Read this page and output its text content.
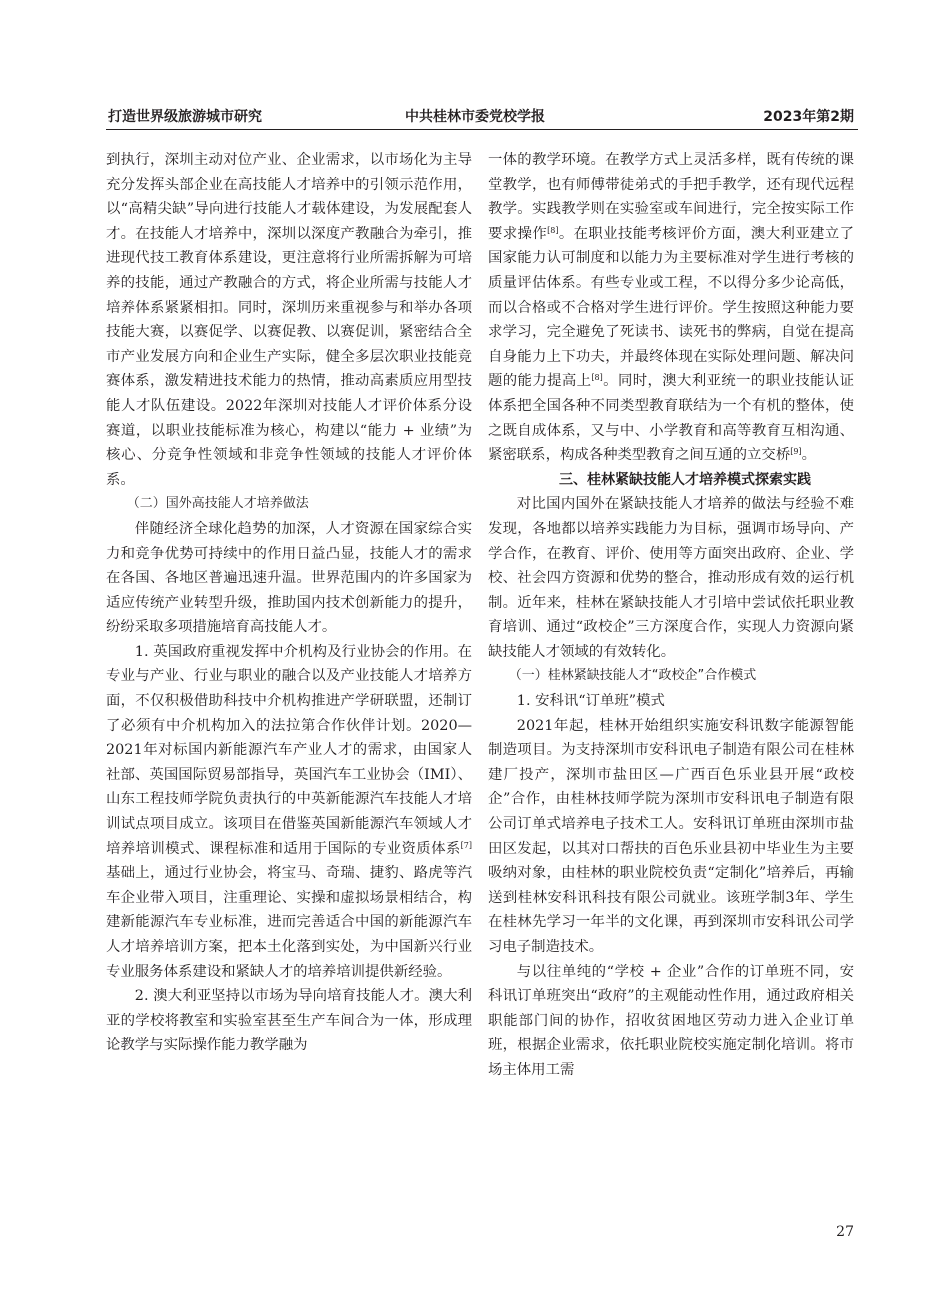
打造世界级旅游城市研究	中共桂林市委党校学报	2023年第2期

到执行，深圳主动对位产业、企业需求，以市场化为主导充分发挥头部企业在高技能人才培养中的引领示范作用，以“高精尖缺”导向进行技能人才载体建设，为发展配套人才。在技能人才培养中，深圳以深度产教融合为牵引，推进现代技工教育体系建设，更注意将行业所需拆解为可培养的技能，通过产教融合的方式，将企业所需与技能人才培养体系紧紧相扣。同时，深圳历来重视参与和举办各项技能大赛，以赛促学、以赛促教、以赛促训，紧密结合全市产业发展方向和企业生产实际，健全多层次职业技能竞赛体系，激发精进技术能力的热情，推动高素质应用型技能人才队伍建设。2022年深圳对技能人才评价体系分设赛道，以职业技能标准为核心，构建以“能力 + 业绩”为核心、分竞争性领域和非竞争性领域的技能人才评价体系。

（二）国外高技能人才培养做法

伴随经济全球化趋势的加深，人才资源在国家综合实力和竞争优势可持续中的作用日益凸显，技能人才的需求在各国、各地区普遍迅速升温。世界范围内的许多国家为适应传统产业转型升级，推助国内技术创新能力的提升，纷纷采取多项措施培育高技能人才。

1. 英国政府重视发挥中介机构及行业协会的作用。在专业与产业、行业与职业的融合以及产业技能人才培养方面，不仅积极借助科技中介机构推进产学研联盟，还制订了必须有中介机构加入的法拉第合作伙伴计划。2020—2021年对标国内新能源汽车产业人才的需求，由国家人社部、英国国际贸易部指导，英国汽车工业协会（IMI）、山东工程技师学院负责执行的中英新能源汽车技能人才培训试点项目成立。该项目在借鉴英国新能源汽车领域人才培养培训模式、课程标准和适用于国际的专业资质体系[7]基础上，通过行业协会，将宝马、奇瑞、捷豹、路虎等汽车企业带入项目，注重理论、实操和虚拟场景相结合，构建新能源汽车专业标准，进而完善适合中国的新能源汽车人才培养培训方案，把本土化落到实处，为中国新兴行业专业服务体系建设和紧缺人才的培养培训提供新经验。

2. 澳大利亚坚持以市场为导向培育技能人才。澳大利亚的学校将教室和实验室甚至生产车间合为一体，形成理论教学与实际操作能力教学融为

一体的教学环境。在教学方式上灵活多样，既有传统的课堂教学，也有师傅带徒弟式的手把手教学，还有现代远程教学。实践教学则在实验室或车间进行，完全按实际工作要求操作[8]。在职业技能考核评价方面，澳大利亚建立了国家能力认可制度和以能力为主要标准对学生进行考核的质量评估体系。有些专业或工程，不以得分多少论高低，而以合格或不合格对学生进行评价。学生按照这种能力要求学习，完全避免了死读书、读死书的弊病，自觉在提高自身能力上下功夫，并最终体现在实际处理问题、解决问题的能力提高上[8]。同时，澳大利亚统一的职业技能认证体系把全国各种不同类型教育联结为一个有机的整体，使之既自成体系，又与中、小学教育和高等教育互相沟通、紧密联系，构成各种类型教育之间互通的立交桥[9]。

三、桂林紧缺技能人才培养模式探索实践

对比国内国外在紧缺技能人才培养的做法与经验不难发现，各地都以培养实践能力为目标，强调市场导向、产学合作，在教育、评价、使用等方面突出政府、企业、学校、社会四方资源和优势的整合，推动形成有效的运行机制。近年来，桂林在紧缺技能人才引培中尝试依托职业教育培训、通过“政校企”三方深度合作，实现人力资源向紧缺技能人才领域的有效转化。

（一）桂林紧缺技能人才“政校企”合作模式

1. 安科讯“订单班”模式

2021年起，桂林开始组织实施安科讯数字能源智能制造项目。为支持深圳市安科讯电子制造有限公司在桂林建厂投产，深圳市盐田区—广西百色乐业县开展“政校企”合作，由桂林技师学院为深圳市安科讯电子制造有限公司订单式培养电子技术工人。安科讯订单班由深圳市盐田区发起，以其对口帮扶的百色乐业县初中毕业生为主要吸纳对象，由桂林的职业院校负责“定制化”培养后，再输送到桂林安科讯科技有限公司就业。该班学制3年、学生在桂林先学习一年半的文化课，再到深圳市安科讯公司学习电子制造技术。

与以往单纯的“学校 + 企业”合作的订单班不同，安科讯订单班突出“政府”的主观能动性作用，通过政府相关职能部门间的协作，招收贫困地区劳动力进入企业订单班，根据企业需求，依托职业院校实施定制化培训。将市场主体用工需

27
